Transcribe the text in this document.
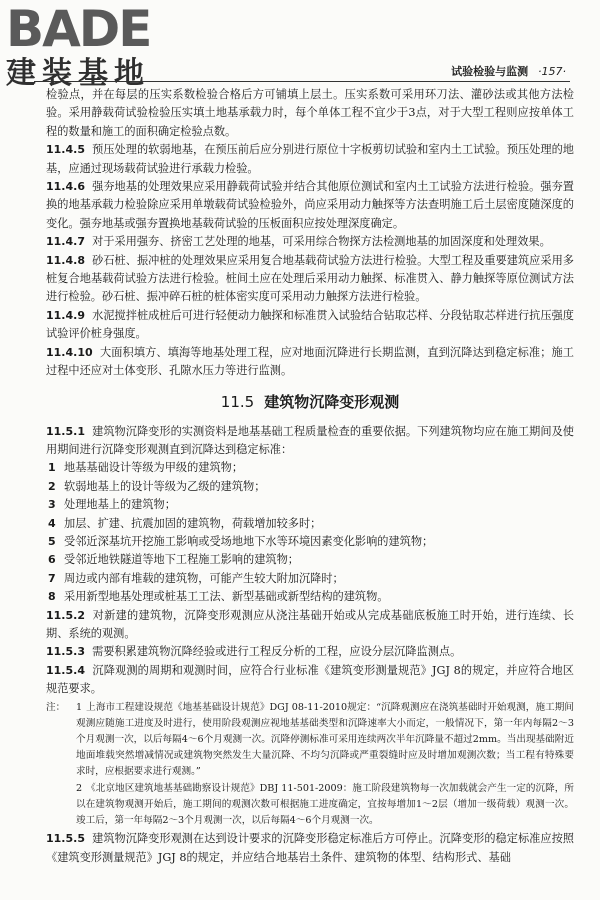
BADE
建装基地	试验检验与监测 ·157·

检验点，并在每层的压实系数检验合格后方可铺填上层土。压实系数可采用环刀法、灌砂法或其他方法检验。采用静载荷试验检验压实填土地基承载力时，每个单体工程不宜少于3点，对于大型工程则应按单体工程的数量和施工的面积确定检验点数。

11.4.5 预压处理的软弱地基，在预压前后应分别进行原位十字板剪切试验和室内土工试验。预压处理的地基，应通过现场载荷试验进行承载力检验。

11.4.6 强夯地基的处理效果应采用静载荷试验并结合其他原位测试和室内土工试验方法进行检验。强夯置换的地基承载力检验除应采用单墩载荷试验检验外，尚应采用动力触探等方法查明施工后土层密度随深度的变化。强夯地基或强夯置换地基载荷试验的压板面积应按处理深度确定。

11.4.7 对于采用强夯、挤密工艺处理的地基，可采用综合物探方法检测地基的加固深度和处理效果。

11.4.8 砂石桩、振冲桩的处理效果应采用复合地基载荷试验方法进行检验。大型工程及重要建筑应采用多桩复合地基载荷试验方法进行检验。桩间土应在处理后采用动力触探、标准贯入、静力触探等原位测试方法进行检验。砂石桩、振冲碎石桩的桩体密实度可采用动力触探方法进行检验。

11.4.9 水泥搅拌桩成桩后可进行轻便动力触探和标准贯入试验结合钻取芯样、分段钻取芯样进行抗压强度试验评价桩身强度。

11.4.10 大面积填方、填海等地基处理工程，应对地面沉降进行长期监测，直到沉降达到稳定标准；施工过程中还应对土体变形、孔隙水压力等进行监测。

11.5 建筑物沉降变形观测

11.5.1 建筑物沉降变形的实测资料是地基基础工程质量检查的重要依据。下列建筑物均应在施工期间及使用期间进行沉降变形观测直到沉降达到稳定标准：

1 地基基础设计等级为甲级的建筑物；
2 软弱地基上的设计等级为乙级的建筑物；
3 处理地基上的建筑物；
4 加层、扩建、抗震加固的建筑物，荷载增加较多时；
5 受邻近深基坑开挖施工影响或受场地地下水等环境因素变化影响的建筑物；
6 受邻近地铁隧道等地下工程施工影响的建筑物；
7 周边或内部有堆载的建筑物，可能产生较大附加沉降时；
8 采用新型地基处理或桩基工工法、新型基础或新型结构的建筑物。

11.5.2 对新建的建筑物，沉降变形观测应从浇注基础开始或从完成基础底板施工时开始，进行连续、长期、系统的观测。

11.5.3 需要积累建筑物沉降经验或进行工程反分析的工程，应设分层沉降监测点。

11.5.4 沉降观测的周期和观测时间，应符合行业标准《建筑变形测量规范》JGJ 8的规定，并应符合地区规范要求。

注： 1 上海市工程建设规范《地基基础设计规范》DGJ 08-11-2010规定：“沉降观测应在浇筑基础时开始观测，施工期间观测应随施工进度及时进行，使用阶段观测应视地基基础类型和沉降速率大小而定，一般情况下，第一年内每隔2～3个月观测一次，以后每隔4～6个月观测一次。沉降停测标准可采用连续两次半年沉降量不超过2mm。当出现基础附近地面堆载突然增减情况或建筑物突然发生大量沉降、不均匀沉降或严重裂缝时应及时增加观测次数；当工程有特殊要求时，应根据要求进行观测。”
2 《北京地区建筑地基基础勘察设计规范》DBJ 11-501-2009：施工阶段建筑物每一次加载就会产生一定的沉降，所以在建筑物观测开始后，施工期间的观测次数可根据施工进度确定，宜按每增加1～2层（增加一级荷载）观测一次。竣工后，第一年每隔2～3个月观测一次，以后每隔4～6个月观测一次。

11.5.5 建筑物沉降变形观测在达到设计要求的沉降变形稳定标准后方可停止。沉降变形的稳定标准应按照《建筑变形测量规范》JGJ 8的规定，并应结合地基岩土条件、建筑物的体型、结构形式、基础
